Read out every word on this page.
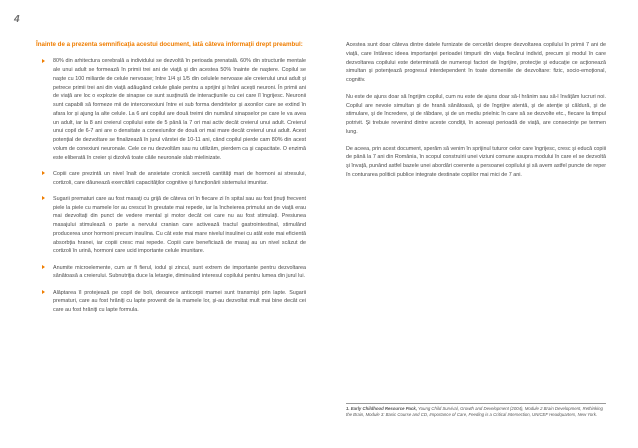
4

Înainte de a prezenta semnificaţia acestui document, iată câteva informaţii drept preambul:

80% din arhitectura cerebrală a individului se dezvoltă în perioada prenatală. 60% din structurile mentale ale unui adult se formează în primii trei ani de viaţă şi din acestea 50% înainte de naştere. Copilul se naşte cu 100 miliarde de celule nervoase; între 1/4 şi 1/5 din celulele nervoase ale creierului unui adult şi petrece primii trei ani din viaţă adăugând celule gliale pentru a sprijini şi hrăni acești neuroni. În primii ani de viaţă are loc o explozie de sinapse ce sunt susţinută de interacţiunile cu cei care îl îngrijesc. Neuronii sunt capabili să formeze mii de interconexiuni între ei sub forma dendritelor și axonilor care se extind în afara lor și ajung la alte celule. La 6 ani copilul are două treimi din numărul sinapselor pe care le va avea un adult, iar la 8 ani creierul copilului este de 5 până la 7 ori mai activ decât creierul unui adult. Creierul unui copil de 6-7 ani are o densitate a conexiunilor de două ori mai mare decât creierul unui adult. Acest potenţial de dezvoltare se finalizează în jurul vârstei de 10-11 ani, când copilul pierde cam 80% din acest volum de conexiuni neuronale. Cele ce nu dezvoltăm sau nu utilizăm, pierdem ca şi capacitate. O enzimă este eliberată în creier și dizolvă toate căile neuronale slab mielinizate.
Copiii care prezintă un nivel înalt de anxietate cronică secretă cantităţi mari de hormoni ai stresului, cortizoli, care dăunează exercitării capacităţilor cognitive şi funcţionării sistemului imunitar.
Sugarii prematuri care au fost masaţi cu grijă de câteva ori în fiecare zi în spital sau au fost ţinuţi frecvent piele la piele cu mamele lor au crescut în greutate mai repede, iar la încheierea primului an de viaţă erau mai dezvoltaţi din punct de vedere mental şi motor decât cei care nu au fost stimulaţi. Presiunea masajului stimulează o parte a nervului cranian care activează tractul gastrointestinal, stimulând producerea unor hormoni precum insulina. Cu cât este mai mare nivelul insulinei cu atât este mai eficientă absorbţia hranei, iar copiii cresc mai repede. Copiii care beneficiază de masaj au un nivel scăzut de cortizoli în urină, hormoni care ucid importante celule imunitare.
Anumite microelemente, cum ar fi fierul, iodul şi zincul, sunt extrem de importante pentru dezvoltarea sănătoasă a creierului. Subnutriţia duce la letargie, diminuând interesul copilului pentru lumea din jurul lui.
Alăptarea îl protejează pe copil de boli, deoarece anticorpii mamei sunt transmişi prin lapte. Sugarii prematuri, care au fost hrăniţi cu lapte provenit de la mamele lor, şi-au dezvoltat mult mai bine decât cei care au fost hrăniţi cu lapte formula.

Acestea sunt doar câteva dintre datele furnizate de cercetări despre dezvoltarea copilului în primii 7 ani de viaţă, care întăresc ideea importanţei perioadei timpurii din viaţa fiecărui individ, precum și modul în care dezvoltarea copilului este determinată de numeroşi factori de îngrijire, protecţie şi educaţie ce acţionează simultan şi potenţează progresul interdependent în toate domeniile de dezvoltare: fizic, socio-emoţional, cognitiv.

Nu este de ajuns doar să îngrijim copilul, cum nu este de ajuns doar să-l hrănim sau să-l învăţăm lucruri noi. Copilul are nevoie simultan şi de hrană sănătoasă, şi de îngrijire atentă, şi de atenţie şi căldură, şi de stimulare, şi de încredere, şi de răbdare, şi de un mediu prielnic în care să se dezvolte etc., fiecare la timpul potrivit. Şi trebuie revenind dintre aceste condiţii, în aceeaşi perioadă de viaţă, are consecinţe pe termen lung.

De aceea, prin acest document, sperăm să venim în sprijinul tuturor celor care îngrijesc, cresc şi educă copiii de până la 7 ani din România, în scopul construirii unei viziuni comune asupra modului în care el se dezvoltă şi învaţă, punând astfel bazele unei abordări coerente a persoanei copilului şi să avem astfel puncte de reper în conturarea politicii publice integrate destinate copiilor mai mici de 7 ani.

1. Early Childhood Resource Pack, Young Child Survival, Growth and Development (2004), Module 2 Brain Development, Rethinking the Brain, Module 3: Basic Course and CD, Importance of Care, Feeding is a Critical Intersection, UNICEF Headquarters, New York.
